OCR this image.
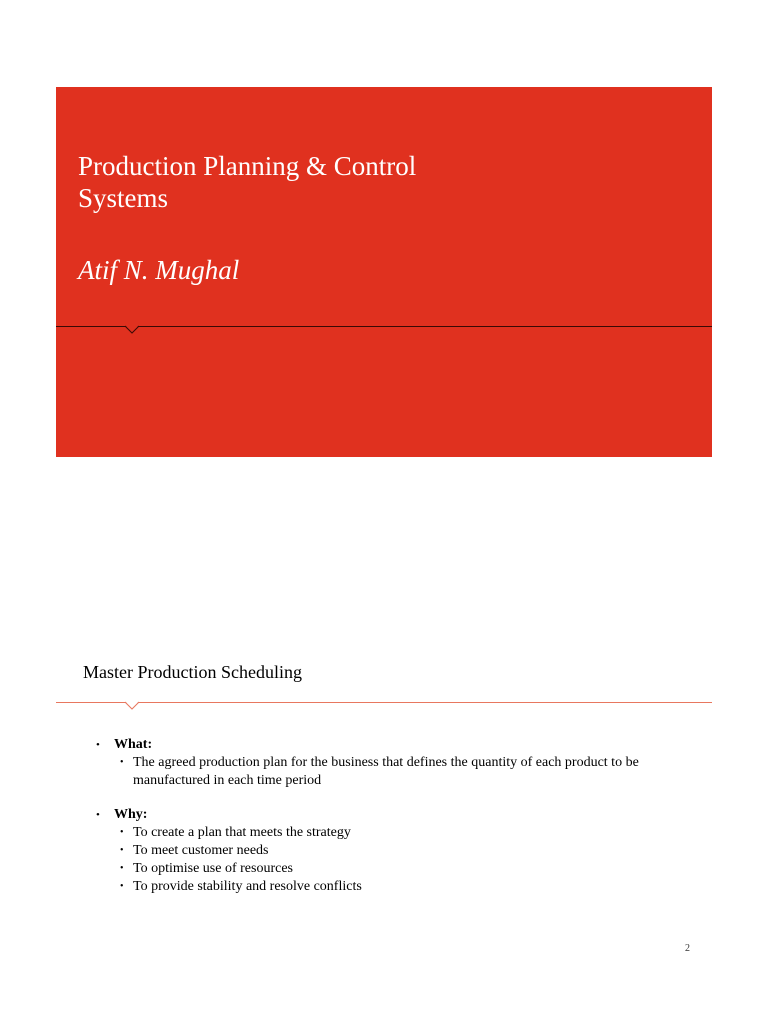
Production Planning & Control
Systems
Atif N. Mughal
Master Production Scheduling
• What:
• The agreed production plan for the business that defines the quantity of each product to be manufactured in each time period
• Why:
• To create a plan that meets the strategy
• To meet customer needs
• To optimise use of resources
• To provide stability and resolve conflicts
2
